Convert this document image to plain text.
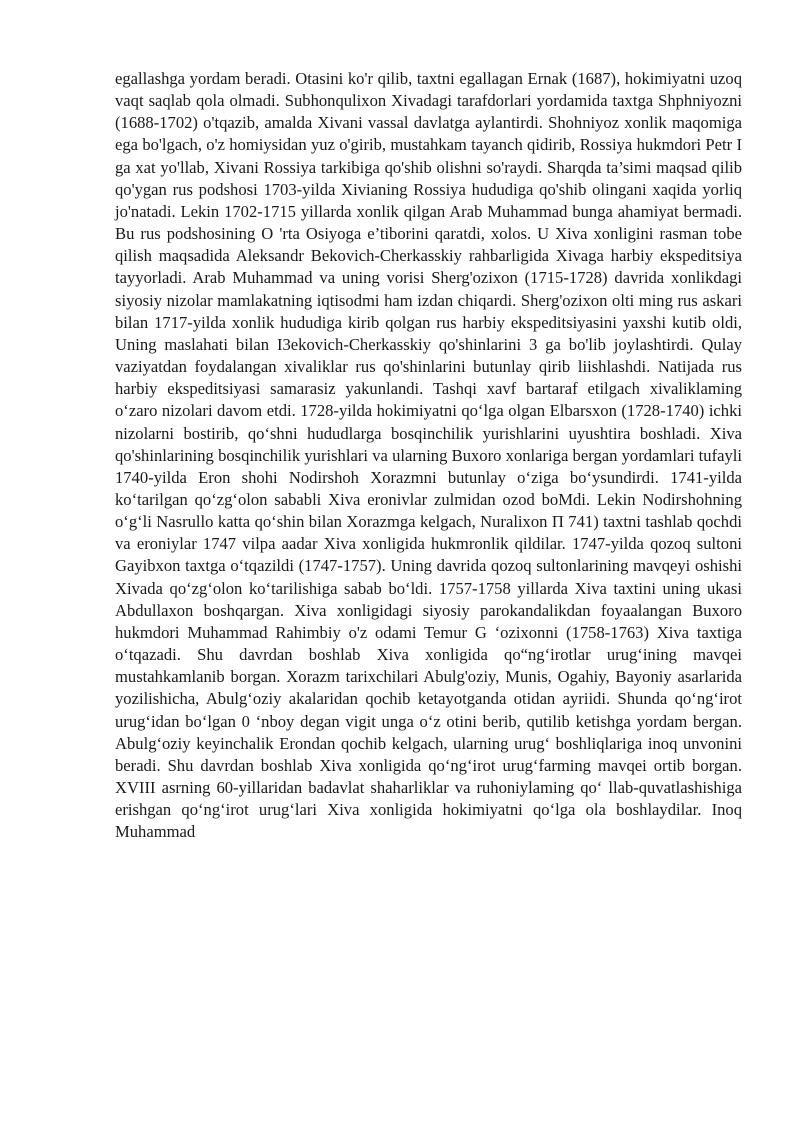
egallashga yordam beradi. Otasini ko'r qilib, taxtni egallagan Ernak (1687), hokimiyatni uzoq vaqt saqlab qola olmadi. Subhonqulixon Xivadagi tarafdorlari yordamida taxtga Shphniyozni (1688-1702) o'tqazib, amalda Xivani vassal davlatga aylantirdi. Shohniyoz xonlik maqomiga ega bo'lgach, o'z homiysidan yuz o'girib, mustahkam tayanch qidirib, Rossiya hukmdori Petr I ga xat yo'llab, Xivani Rossiya tarkibiga qo'shib olishni so'raydi. Sharqda ta’simi maqsad qilib qo'ygan rus podshosi 1703-yilda Xivianing Rossiya hududiga qo'shib olingani xaqida yorliq jo'natadi. Lekin 1702-1715 yillarda xonlik qilgan Arab Muhammad bunga ahamiyat bermadi. Bu rus podshosining O 'rta Osiyoga e’tiborini qaratdi, xolos. U Xiva xonligini rasman tobe qilish maqsadida Aleksandr Bekovich-Cherkasskiy rahbarligida Xivaga harbiy ekspeditsiya tayyorladi. Arab Muhammad va uning vorisi Sherg'ozixon (1715-1728) davrida xonlikdagi siyosiy nizolar mamlakatning iqtisodmi ham izdan chiqardi. Sherg'ozixon olti ming rus askari bilan 1717-yilda xonlik hududiga kirib qolgan rus harbiy ekspeditsiyasini yaxshi kutib oldi, Uning maslahati bilan I3ekovich-Cherkasskiy qo'shinlarini 3 ga bo'lib joylashtirdi. Qulay vaziyatdan foydalangan xivaliklar rus qo'shinlarini butunlay qirib liishlashdi. Natijada rus harbiy ekspeditsiyasi samarasiz yakunlandi. Tashqi xavf bartaraf etilgach xivaliklaming o‘zaro nizolari davom etdi. 1728-yilda hokimiyatni qo‘lga olgan Elbarsxon (1728-1740) ichki nizolarni bostirib, qo‘shni hududlarga bosqinchilik yurishlarini uyushtira boshladi. Xiva qo'shinlarining bosqinchilik yurishlari va ularning Buxoro xonlariga bergan yordamlari tufayli 1740-yilda Eron shohi Nodirshoh Xorazmni butunlay o‘ziga bo‘ysundirdi. 1741-yilda ko‘tarilgan qo‘zg‘olon sababli Xiva eronivlar zulmidan ozod boMdi. Lekin Nodirshohning o‘g‘li Nasrullo katta qo‘shin bilan Xorazmga kelgach, Nuralixon Π 741) taxtni tashlab qochdi va eroniylar 1747 vilpa aadar Xiva xonligida hukmronlik qildilar. 1747-yilda qozoq sultoni Gayibxon taxtga o‘tqazildi (1747-1757). Uning davrida qozoq sultonlarining mavqeyi oshishi Xivada qo‘zg‘olon ko‘tarilishiga sabab bo‘ldi. 1757-1758 yillarda Xiva taxtini uning ukasi Abdullaxon boshqargan. Xiva xonligidagi siyosiy parokandalikdan foyaalangan Buxoro hukmdori Muhammad Rahimbiy o'z odami Temur G ‘ozixonni (1758-1763) Xiva taxtiga o‘tqazadi. Shu davrdan boshlab Xiva xonligida qo“ng‘irotlar urug‘ining mavqei mustahkamlanib borgan. Xorazm tarixchilari Abulg'oziy, Munis, Ogahiy, Bayoniy asarlarida yozilishicha, Abulg‘oziy akalaridan qochib ketayotganda otidan ayriidi. Shunda qo‘ng‘irot urug‘idan bo‘lgan 0 ‘nboy degan vigit unga o‘z otini berib, qutilib ketishga yordam bergan. Abulg‘oziy keyinchalik Erondan qochib kelgach, ularning urug‘ boshliqlariga inoq unvonini beradi. Shu davrdan boshlab Xiva xonligida qo‘ng‘irot urug‘farming mavqei ortib borgan. XVIII asrning 60-yillaridan badavlat shaharliklar va ruhoniylaming qo‘ llab-quvatlashishiga erishgan qo‘ng‘irot urug‘lari Xiva xonligida hokimiyatni qo‘lga ola boshlaydilar. Inoq Muhammad
